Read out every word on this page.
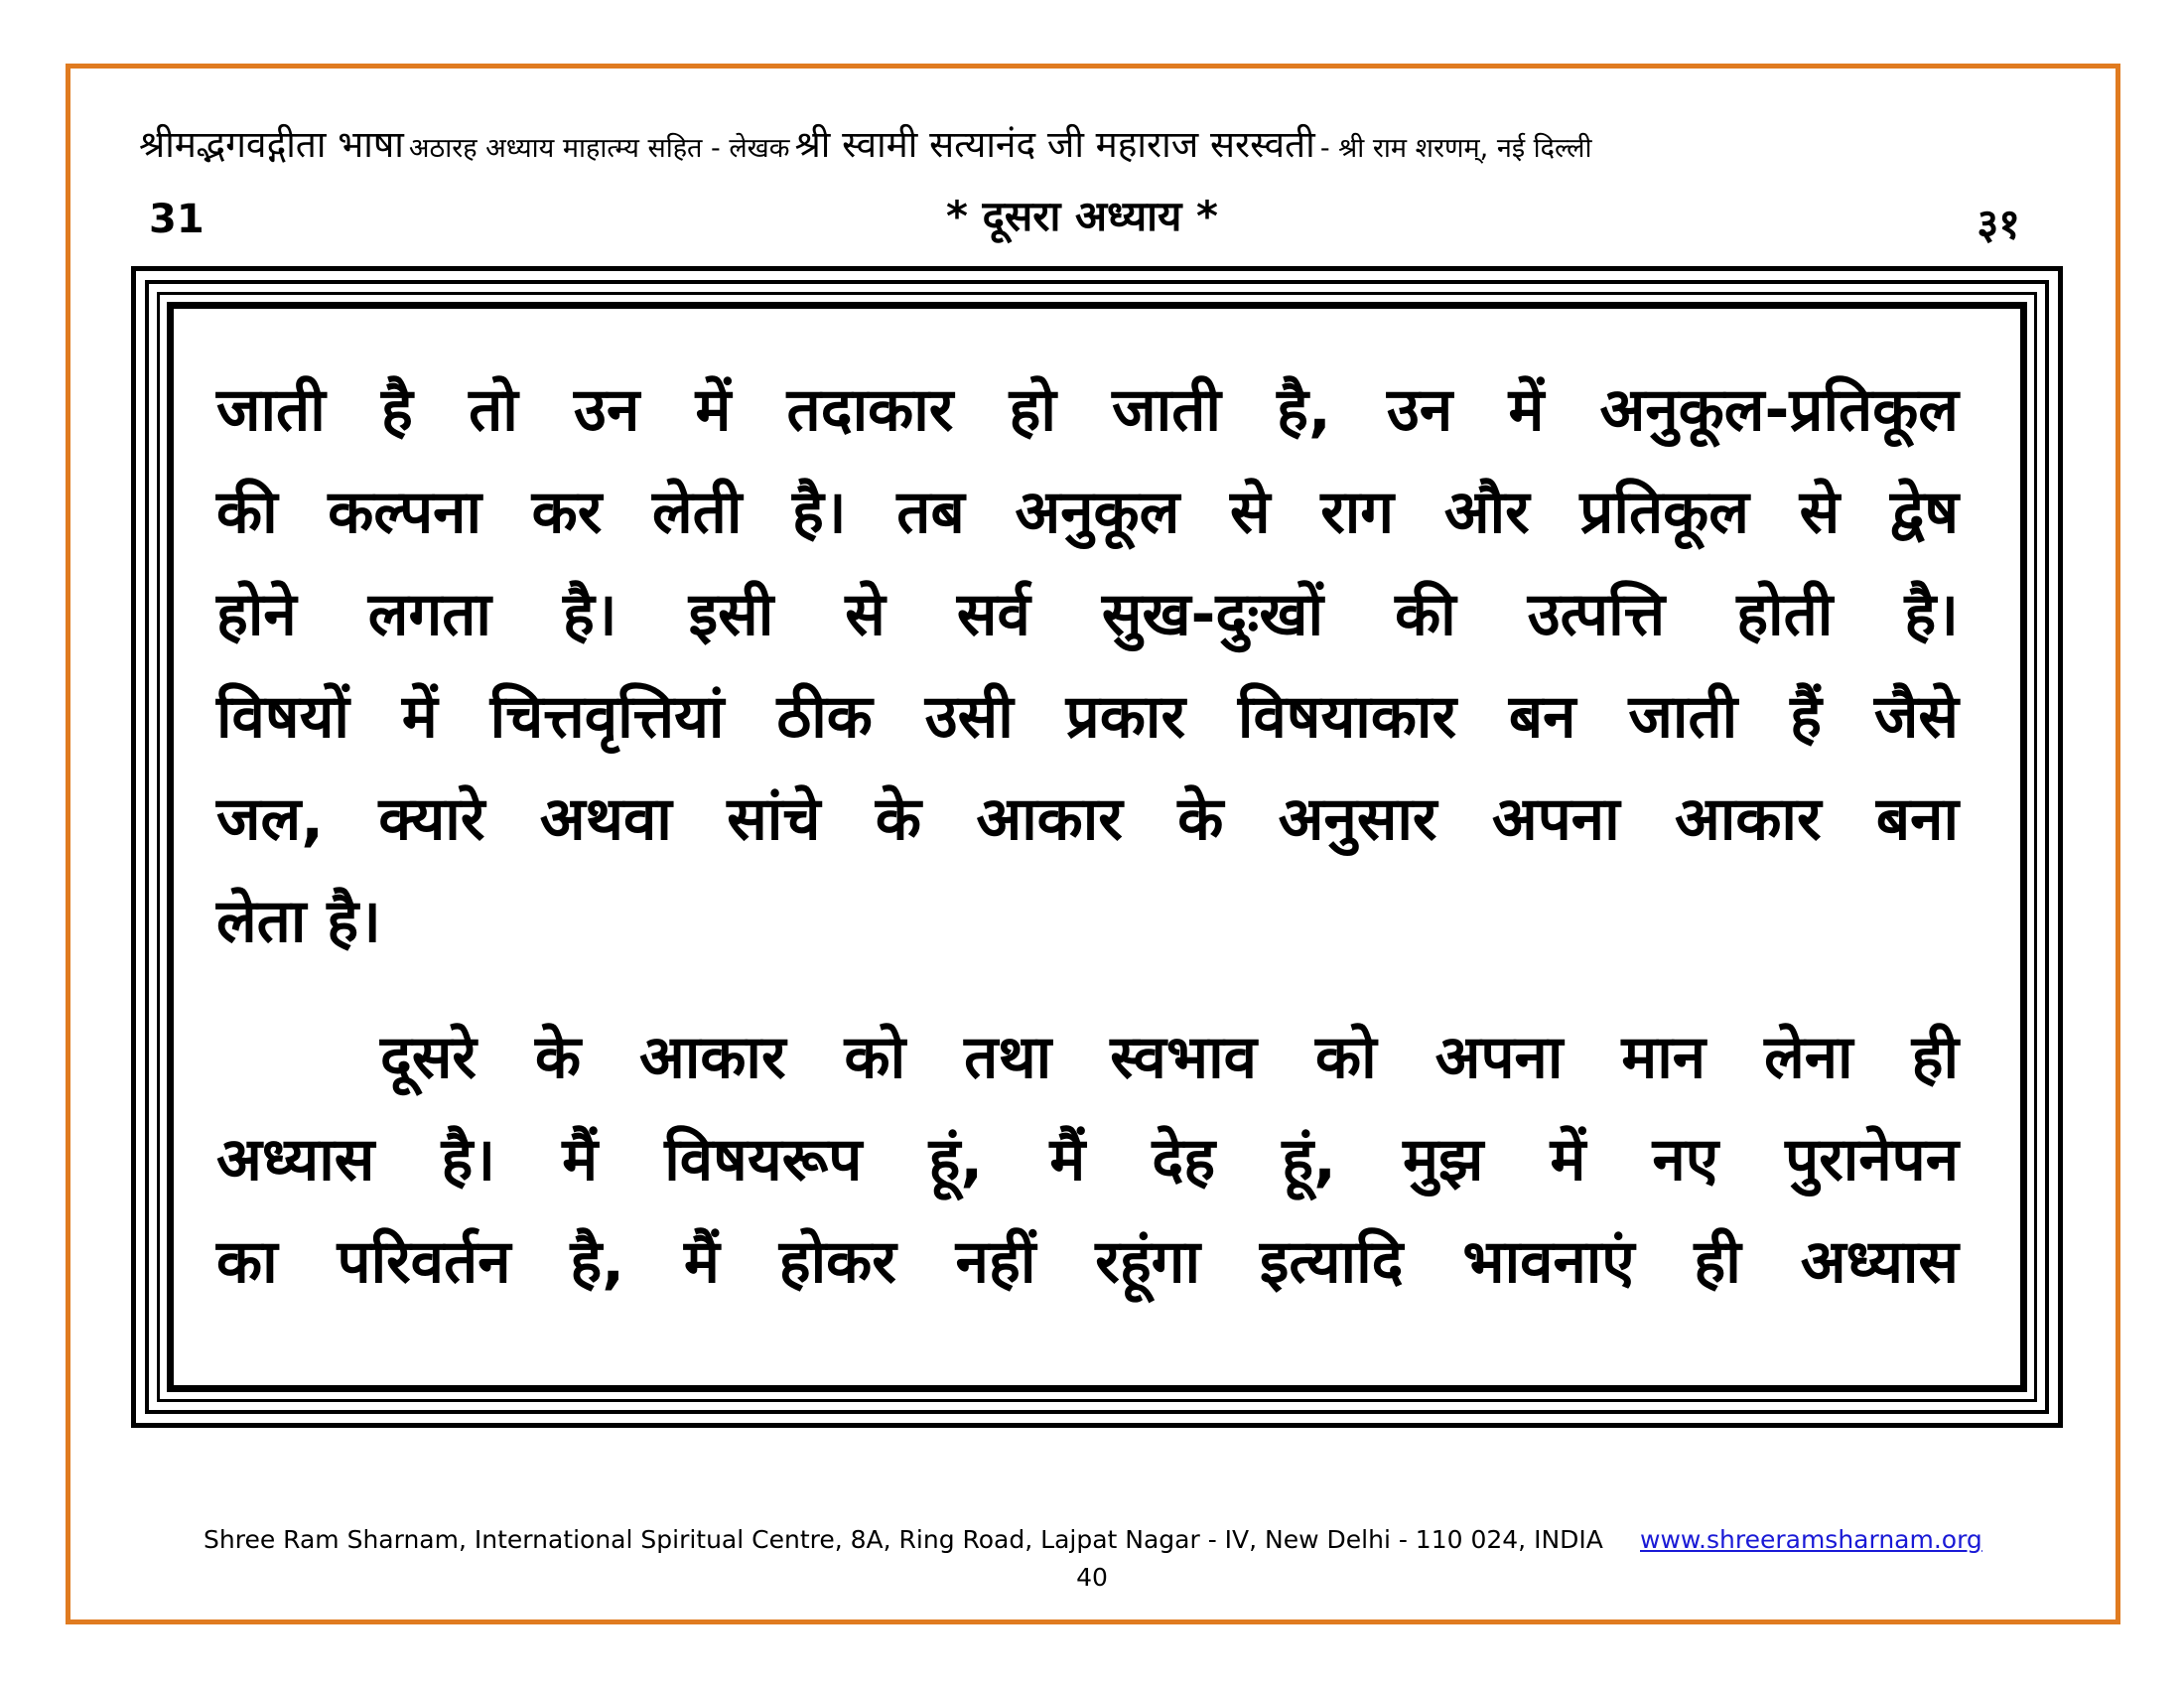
श्रीमद्भगवद्गीता भाषा अठारह अध्याय माहात्म्य सहित - लेखक श्री स्वामी सत्यानंद जी महाराज सरस्वती - श्री राम शरणम्, नई दिल्ली
31	* दूसरा अध्याय *	३१
जाती है तो उन में तदाकार हो जाती है, उन में अनुकूल-प्रतिकूल
की कल्पना कर लेती है। तब अनुकूल से राग और प्रतिकूल से द्वेष
होने लगता है। इसी से सर्व सुख-दुःखों की उत्पत्ति होती है।
विषयों में चित्तवृत्तियां ठीक उसी प्रकार विषयाकार बन जाती हैं जैसे
जल, क्यारे अथवा सांचे के आकार के अनुसार अपना आकार बना
लेता है।
दूसरे के आकार को तथा स्वभाव को अपना मान लेना ही
अध्यास है। मैं विषयरूप हूं, मैं देह हूं, मुझ में नए पुरानेपन
का परिवर्तन है, मैं होकर नहीं रहूंगा इत्यादि भावनाएं ही अध्यास
Shree Ram Sharnam, International Spiritual Centre, 8A, Ring Road, Lajpat Nagar - IV, New Delhi - 110 024, INDIA www.shreeramsharnam.org
40
